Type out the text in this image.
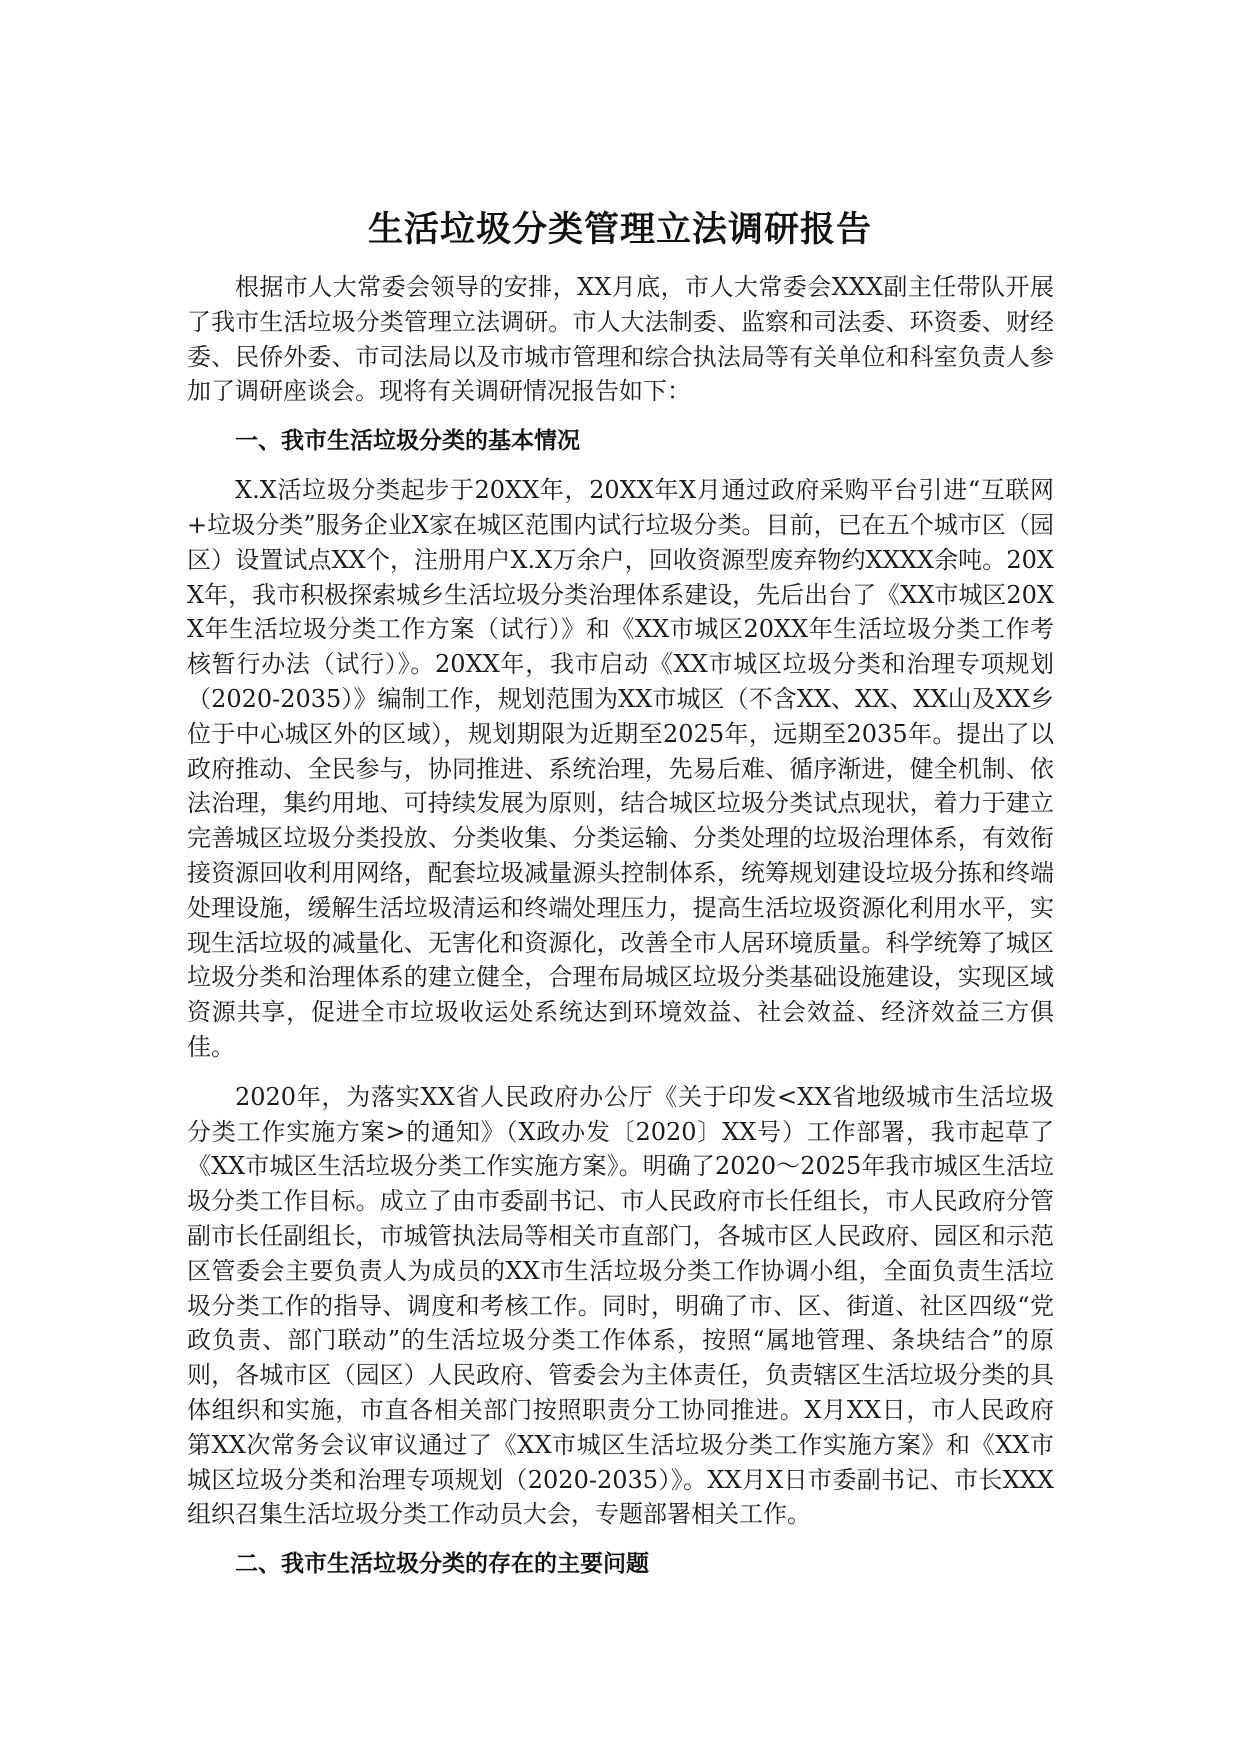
生活垃圾分类管理立法调研报告

根据市人大常委会领导的安排，XX月底，市人大常委会XXX副主任带队开展了我市生活垃圾分类管理立法调研。市人大法制委、监察和司法委、环资委、财经委、民侨外委、市司法局以及市城市管理和综合执法局等有关单位和科室负责人参加了调研座谈会。现将有关调研情况报告如下：

一、我市生活垃圾分类的基本情况

X.X活垃圾分类起步于20XX年，20XX年X月通过政府采购平台引进“互联网+垃圾分类”服务企业X家在城区范围内试行垃圾分类。目前，已在五个城市区（园区）设置试点XX个，注册用户X.X万余户，回收资源型废弃物约XXXX余吨。20XX年，我市积极探索城乡生活垃圾分类治理体系建设，先后出台了《XX市城区20XX年生活垃圾分类工作方案（试行）》和《XX市城区20XX年生活垃圾分类工作考核暂行办法（试行）》。20XX年，我市启动《XX市城区垃圾分类和治理专项规划（2020-2035）》编制工作，规划范围为XX市城区（不含XX、XX、XX山及XX乡位于中心城区外的区域），规划期限为近期至2025年，远期至2035年。提出了以政府推动、全民参与，协同推进、系统治理，先易后难、循序渐进，健全机制、依法治理，集约用地、可持续发展为原则，结合城区垃圾分类试点现状，着力于建立完善城区垃圾分类投放、分类收集、分类运输、分类处理的垃圾治理体系，有效衔接资源回收利用网络，配套垃圾减量源头控制体系，统筹规划建设垃圾分拣和终端处理设施，缓解生活垃圾清运和终端处理压力，提高生活垃圾资源化利用水平，实现生活垃圾的减量化、无害化和资源化，改善全市人居环境质量。科学统筹了城区垃圾分类和治理体系的建立健全，合理布局城区垃圾分类基础设施建设，实现区域资源共享，促进全市垃圾收运处系统达到环境效益、社会效益、经济效益三方俱佳。

2020年，为落实XX省人民政府办公厅《关于印发<XX省地级城市生活垃圾分类工作实施方案>的通知》（X政办发〔2020〕XX号）工作部署，我市起草了《XX市城区生活垃圾分类工作实施方案》。明确了2020～2025年我市城区生活垃圾分类工作目标。成立了由市委副书记、市人民政府市长任组长，市人民政府分管副市长任副组长，市城管执法局等相关市直部门，各城市区人民政府、园区和示范区管委会主要负责人为成员的XX市生活垃圾分类工作协调小组，全面负责生活垃圾分类工作的指导、调度和考核工作。同时，明确了市、区、街道、社区四级“党政负责、部门联动”的生活垃圾分类工作体系，按照“属地管理、条块结合”的原则，各城市区（园区）人民政府、管委会为主体责任，负责辖区生活垃圾分类的具体组织和实施，市直各相关部门按照职责分工协同推进。X月XX日，市人民政府第XX次常务会议审议通过了《XX市城区生活垃圾分类工作实施方案》和《XX市城区垃圾分类和治理专项规划（2020-2035）》。XX月X日市委副书记、市长XXX组织召集生活垃圾分类工作动员大会，专题部署相关工作。

二、我市生活垃圾分类的存在的主要问题
